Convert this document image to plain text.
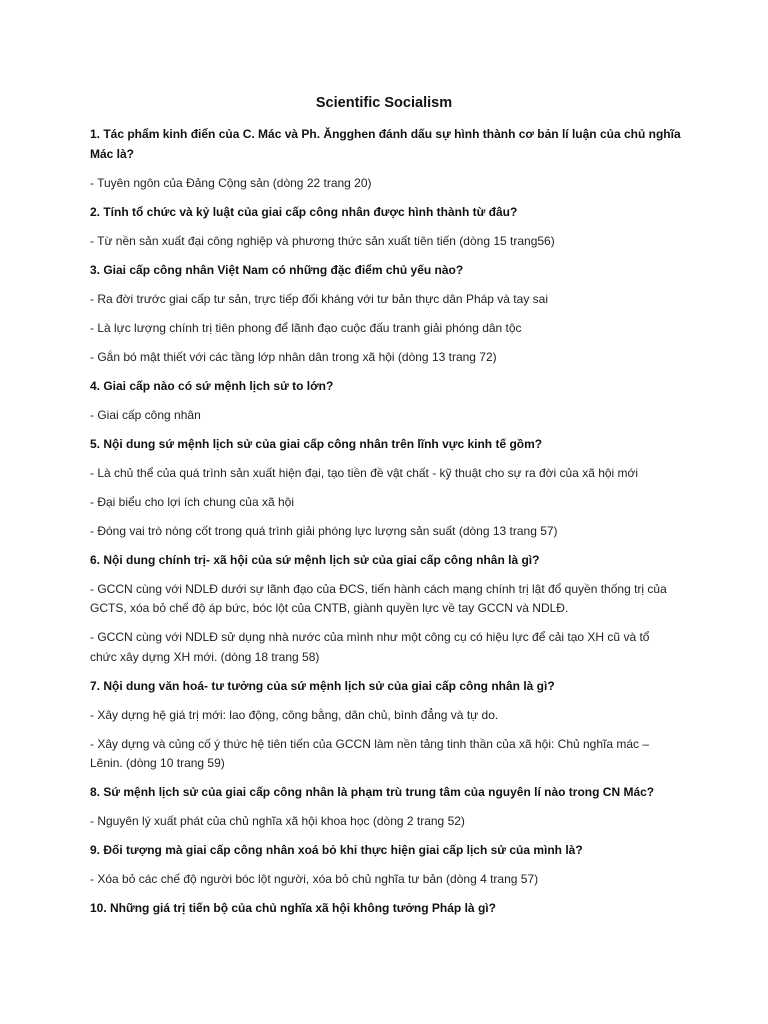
Scientific Socialism

1. Tác phẩm kinh điển của C. Mác và Ph. Ăngghen đánh dấu sự hình thành cơ bản lí luận của chủ nghĩa
Mác là?

- Tuyên ngôn của Đảng Cộng sản (dòng 22 trang 20)

2. Tính tổ chức và kỷ luật của giai cấp công nhân được hình thành từ đâu?

- Từ nền sản xuất đại công nghiệp và phương thức sản xuất tiên tiến (dòng 15 trang56)

3. Giai cấp công nhân Việt Nam có những đặc điểm chủ yếu nào?

- Ra đời trước giai cấp tư sản, trực tiếp đối kháng với tư bản thực dân Pháp và tay sai

- Là lực lượng chính trị tiên phong để lãnh đạo cuộc đấu tranh giải phóng dân tộc

- Gắn bó mật thiết với các tầng lớp nhân dân trong xã hội (dòng 13 trang 72)

4. Giai cấp nào có sứ mệnh lịch sử to lớn?

- Giai cấp công nhân

5. Nội dung sứ mệnh lịch sử của giai cấp công nhân trên lĩnh vực kinh tế gồm?

- Là chủ thể của quá trình sản xuất hiện đại, tạo tiền đề vật chất - kỹ thuật cho sự ra đời của xã hội mới

- Đại biểu cho lợi ích chung của xã hội

- Đóng vai trò nòng cốt trong quá trình giải phóng lực lượng sản suất (dòng 13 trang 57)

6. Nội dung chính trị- xã hội của sứ mệnh lịch sử của giai cấp công nhân là gì?

- GCCN cùng với NDLĐ dưới sự lãnh đạo của ĐCS, tiến hành cách mạng chính trị lật đổ quyền thống trị của
GCTS, xóa bỏ chế độ áp bức, bóc lột của CNTB, giành quyền lực về tay GCCN và NDLĐ.

- GCCN cùng với NDLĐ sử dụng nhà nước của mình như một công cụ có hiệu lực để cải tạo XH cũ và tổ
chức xây dựng XH mới. (dòng 18 trang 58)

7. Nội dung văn hoá- tư tưởng của sứ mệnh lịch sử của giai cấp công nhân là gì?

- Xây dựng hệ giá trị mới: lao động, công bằng, dân chủ, bình đẳng và tự do.

- Xây dựng và củng cố ý thức hệ tiên tiến của GCCN làm nền tảng tinh thần của xã hội: Chủ nghĩa mác –
Lênin. (dòng 10 trang 59)

8. Sứ mệnh lịch sử của giai cấp công nhân là phạm trù trung tâm của nguyên lí nào trong CN Mác?

- Nguyên lý xuất phát của chủ nghĩa xã hội khoa học (dòng 2 trang 52)

9. Đối tượng mà giai cấp công nhân xoá bỏ khi thực hiện giai cấp lịch sử của mình là?

- Xóa bỏ các chế độ người bóc lột người, xóa bỏ chủ nghĩa tư bản (dòng 4 trang 57)

10. Những giá trị tiến bộ của chủ nghĩa xã hội không tưởng Pháp là gì?
